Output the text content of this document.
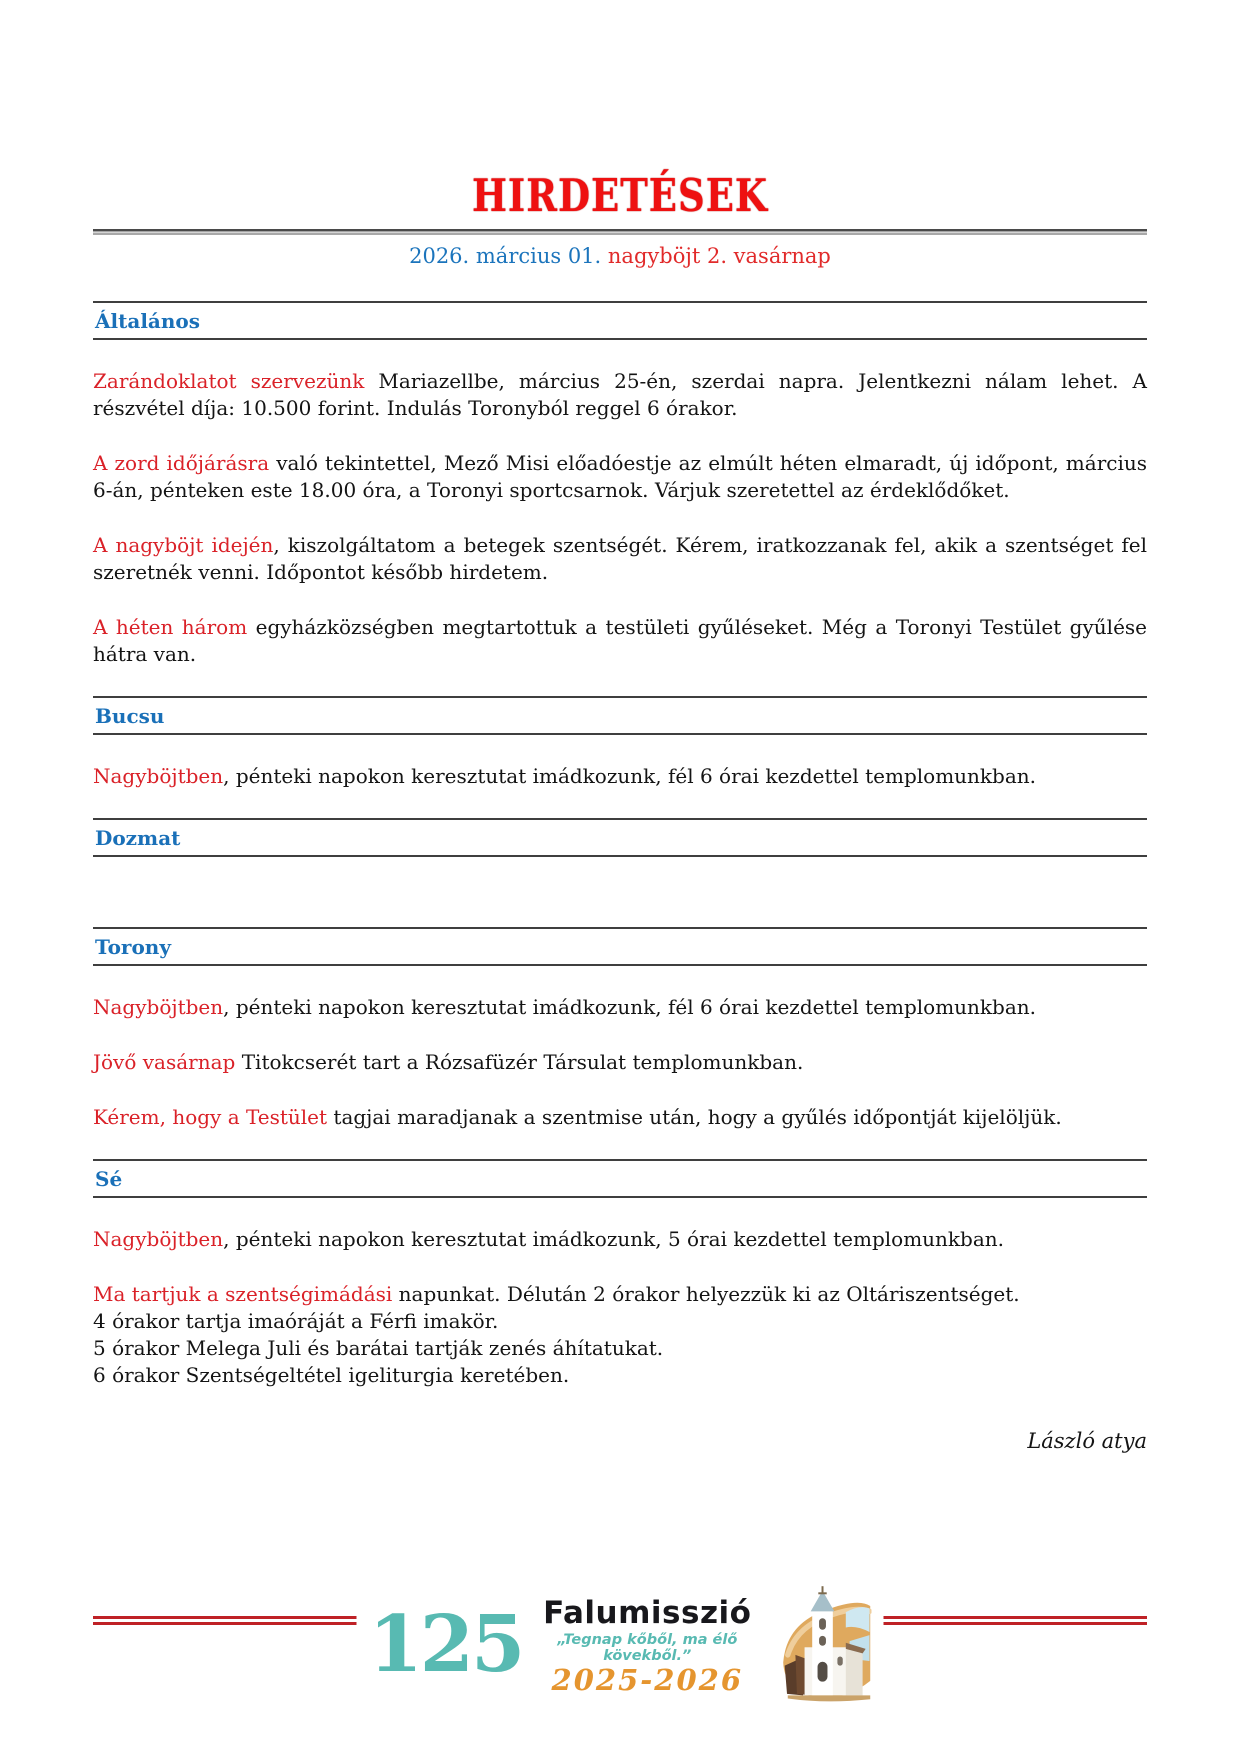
HIRDETÉSEK
2026. március 01. nagyböjt 2. vasárnap
Általános

Zarándoklatot szervezünk Mariazellbe, március 25-én, szerdai napra. Jelentkezni nálam lehet. A részvétel díja: 10.500 forint. Indulás Toronyból reggel 6 órakor.

A zord időjárásra való tekintettel, Mező Misi előadóestje az elmúlt héten elmaradt, új időpont, március 6-án, pénteken este 18.00 óra, a Toronyi sportcsarnok. Várjuk szeretettel az érdeklődőket.

A nagyböjt idején, kiszolgáltatom a betegek szentségét. Kérem, iratkozzanak fel, akik a szentséget fel szeretnék venni. Időpontot később hirdetem.

A héten három egyházközségben megtartottuk a testületi gyűléseket. Még a Toronyi Testület gyűlése hátra van.

Bucsu

Nagyböjtben, pénteki napokon keresztutat imádkozunk, fél 6 órai kezdettel templomunkban.

Dozmat
Torony

Nagyböjtben, pénteki napokon keresztutat imádkozunk, fél 6 órai kezdettel templomunkban.

Jövő vasárnap Titokcserét tart a Rózsafüzér Társulat templomunkban.

Kérem, hogy a Testület tagjai maradjanak a szentmise után, hogy a gyűlés időpontját kijelöljük.

Sé

Nagyböjtben, pénteki napokon keresztutat imádkozunk, 5 órai kezdettel templomunkban.

Ma tartjuk a szentségimádási napunkat. Délután 2 órakor helyezzük ki az Oltáriszentséget.
4 órakor tartja imaóráját a Férfi imakör.
5 órakor Melega Juli és barátai tartják zenés áhítatukat.
6 órakor Szentségeltétel igeliturgia keretében.

László atya

125 Falumisszió
„Tegnap kőből, ma élő kövekből.”
2025-2026
